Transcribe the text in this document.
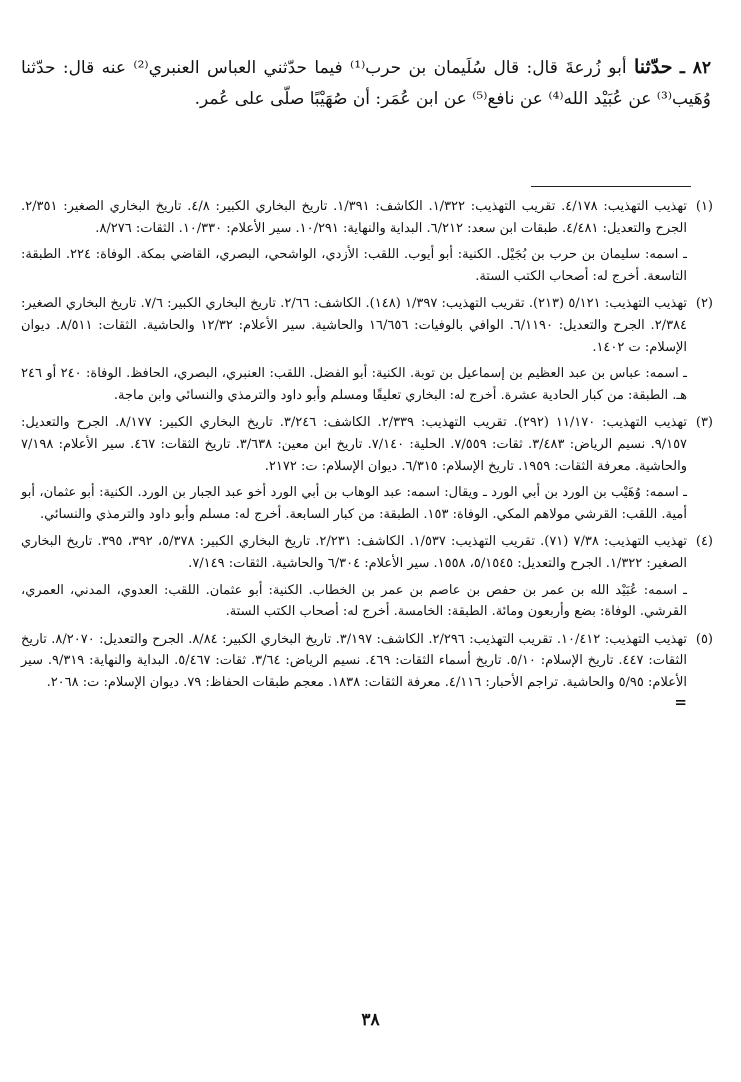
٨٢ ـ حدّثنا أبو زُرعةَ قال: قال سُلَيمان بن حرب⁽¹⁾ فيما حدّثني العباس العنبري⁽²⁾ عنه قال: حدّثنا وُهَيب⁽³⁾ عن عُبَيْد الله⁽⁴⁾ عن نافع⁽⁵⁾ عن ابن عُمَر: أن صُهَيْبًا صلّى على عُمر.
(١)

تهذيب التهذيب: ٤/١٧٨. تقريب التهذيب: ١/٣٢٢. الكاشف: ١/٣٩١. تاريخ البخاري الكبير: ٤/٨. تاريخ البخاري الصغير: ٢/٣٥١. الجرح والتعديل: ٤/٤٨١. طبقات ابن سعد: ٦/٢١٢. البداية والنهاية: ١٠/٢٩١. سير الأعلام: ١٠/٣٣٠. الثقات: ٨/٢٧٦.

ـ اسمه: سليمان بن حرب بن بُجَيْل. الكنية: أبو أيوب. اللقب: الأزدي، الواشحي، البصري، القاضي بمكة. الوفاة: ٢٢٤. الطبقة: التاسعة. أخرج له: أصحاب الكتب الستة.

(٢)

تهذيب التهذيب: ٥/١٢١ (٢١٣). تقريب التهذيب: ١/٣٩٧ (١٤٨). الكاشف: ٢/٦٦. تاريخ البخاري الكبير: ٧/٦. تاريخ البخاري الصغير: ٢/٣٨٤. الجرح والتعديل: ٦/١١٩٠. الوافي بالوفيات: ١٦/٦٥٦ والحاشية. سير الأعلام: ١٢/٣٢ والحاشية. الثقات: ٨/٥١١. ديوان الإسلام: ت ١٤٠٢.

ـ اسمه: عباس بن عبد العظيم بن إسماعيل بن توبة. الكنية: أبو الفضل. اللقب: العنبري، البصري، الحافظ. الوفاة: ٢٤٠ أو ٢٤٦ هـ. الطبقة: من كبار الحادية عشرة. أخرج له: البخاري تعليقًا ومسلم وأبو داود والترمذي والنسائي وابن ماجة.

(٣)

تهذيب التهذيب: ١١/١٧٠ (٢٩٢). تقريب التهذيب: ٢/٣٣٩. الكاشف: ٣/٢٤٦. تاريخ البخاري الكبير: ٨/١٧٧. الجرح والتعديل: ٩/١٥٧. نسيم الرياض: ٣/٤٨٣. ثقات: ٧/٥٥٩. الحلية: ٧/١٤٠. تاريخ ابن معين: ٣/٦٣٨. تاريخ الثقات: ٤٦٧. سير الأعلام: ٧/١٩٨ والحاشية. معرفة الثقات: ١٩٥٩. تاريخ الإسلام: ٦/٣١٥. ديوان الإسلام: ت: ٢١٧٢.

ـ اسمه: وُهَيْب بن الورد بن أبي الورد ـ ويقال: اسمه: عبد الوهاب بن أبي الورد أخو عبد الجبار بن الورد. الكنية: أبو عثمان، أبو أمية. اللقب: القرشي مولاهم المكي. الوفاة: ١٥٣. الطبقة: من كبار السابعة. أخرج له: مسلم وأبو داود والترمذي والنسائي.

(٤)

تهذيب التهذيب: ٧/٣٨ (٧١). تقريب التهذيب: ١/٥٣٧. الكاشف: ٢/٢٣١. تاريخ البخاري الكبير: ٥/٣٧٨، ٣٩٢، ٣٩٥. تاريخ البخاري الصغير: ١/٣٢٢. الجرح والتعديل: ٥/١٥٤٥، ١٥٥٨. سير الأعلام: ٦/٣٠٤ والحاشية. الثقات: ٧/١٤٩.

ـ اسمه: عُبَيْد الله بن عمر بن حفص بن عاصم بن عمر بن الخطاب. الكنية: أبو عثمان. اللقب: العدوي، المدني، العمري، القرشي. الوفاة: بضع وأربعون ومائة. الطبقة: الخامسة. أخرج له: أصحاب الكتب الستة.

(٥)

تهذيب التهذيب: ١٠/٤١٢. تقريب التهذيب: ٢/٢٩٦. الكاشف: ٣/١٩٧. تاريخ البخاري الكبير: ٨/٨٤. الجرح والتعديل: ٨/٢٠٧٠. تاريخ الثقات: ٤٤٧. تاريخ الإسلام: ٥/١٠. تاريخ أسماء الثقات: ٤٦٩. نسيم الرياض: ٣/٦٤. ثقات: ٥/٤٦٧. البداية والنهاية: ٩/٣١٩. سير الأعلام: ٥/٩٥ والحاشية. تراجم الأحبار: ٤/١١٦. معرفة الثقات: ١٨٣٨. معجم طبقات الحفاظ: ٧٩. ديوان الإسلام: ت: ٢٠٦٨.

=
٣٨
